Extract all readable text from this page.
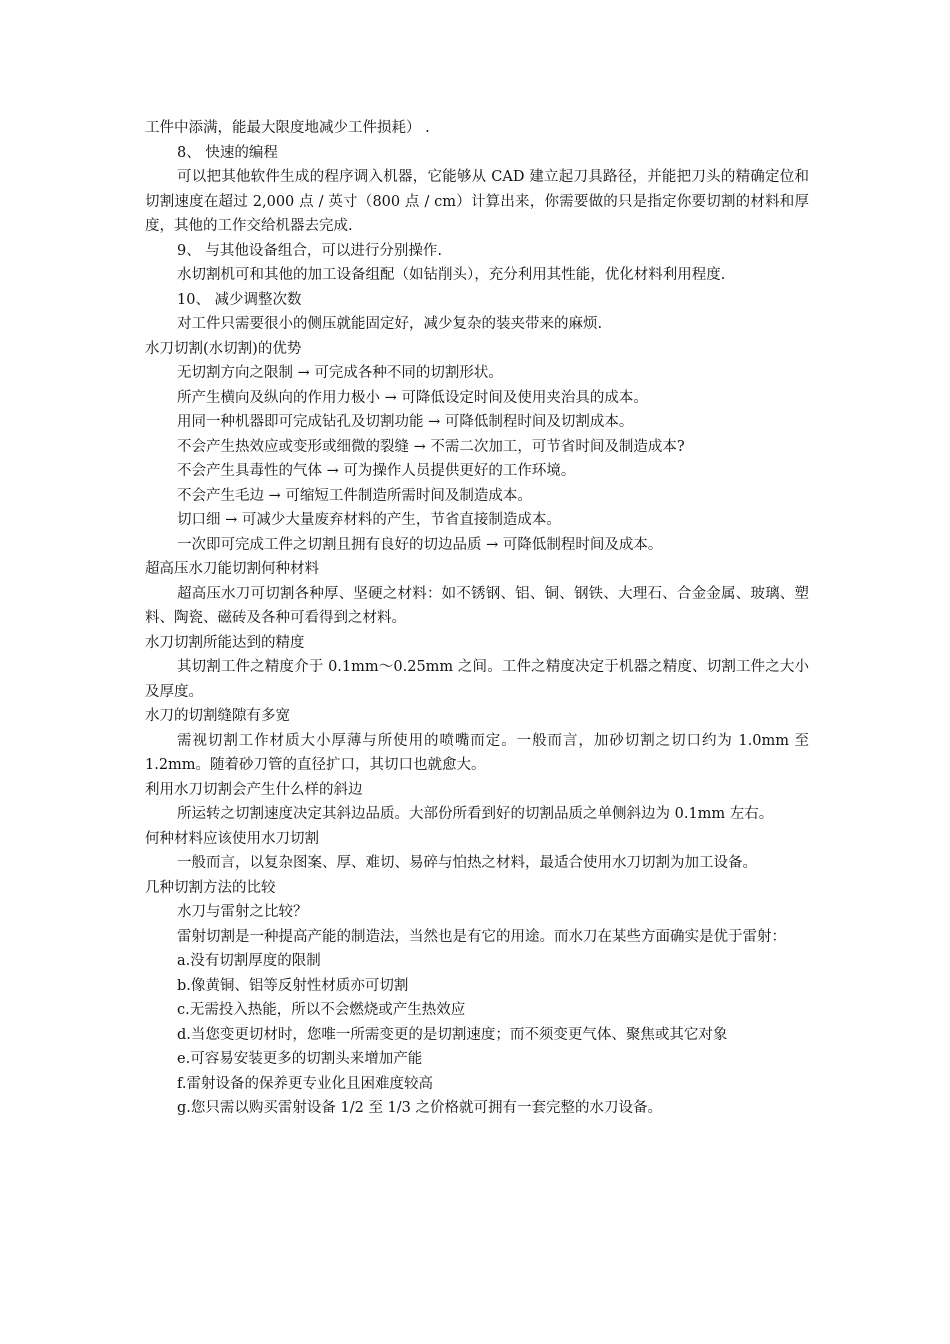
工件中添满，能最大限度地减少工件损耗） .

8、 快速的编程

可以把其他软件生成的程序调入机器，它能够从 CAD 建立起刀具路径，并能把刀头的精确定位和切割速度在超过 2,000 点 / 英寸（800 点 / cm）计算出来，你需要做的只是指定你要切割的材料和厚度，其他的工作交给机器去完成.

9、 与其他设备组合，可以进行分别操作.

水切割机可和其他的加工设备组配（如钻削头），充分利用其性能，优化材料利用程度.

10、 减少调整次数

对工件只需要很小的侧压就能固定好，减少复杂的装夹带来的麻烦.

水刀切割(水切割)的优势

无切割方向之限制 → 可完成各种不同的切割形状。

所产生横向及纵向的作用力极小 → 可降低设定时间及使用夹治具的成本。

用同一种机器即可完成钻孔及切割功能 → 可降低制程时间及切割成本。

不会产生热效应或变形或细微的裂缝 → 不需二次加工，可节省时间及制造成本?

不会产生具毒性的气体 → 可为操作人员提供更好的工作环境。

不会产生毛边 → 可缩短工件制造所需时间及制造成本。

切口细 → 可减少大量废弃材料的产生，节省直接制造成本。

一次即可完成工件之切割且拥有良好的切边品质 → 可降低制程时间及成本。

超高压水刀能切割何种材料

超高压水刀可切割各种厚、坚硬之材料：如不锈钢、铝、铜、钢铁、大理石、合金金属、玻璃、塑料、陶瓷、磁砖及各种可看得到之材料。

水刀切割所能达到的精度

其切割工件之精度介于 0.1mm～0.25mm 之间。工件之精度决定于机器之精度、切割工件之大小及厚度。

水刀的切割缝隙有多宽

需视切割工作材质大小厚薄与所使用的喷嘴而定。一般而言，加砂切割之切口约为 1.0mm 至 1.2mm。随着砂刀管的直径扩口，其切口也就愈大。

利用水刀切割会产生什么样的斜边

所运转之切割速度决定其斜边品质。大部份所看到好的切割品质之单侧斜边为 0.1mm 左右。

何种材料应该使用水刀切割

一般而言，以复杂图案、厚、难切、易碎与怕热之材料，最适合使用水刀切割为加工设备。

几种切割方法的比较

水刀与雷射之比较？

雷射切割是一种提高产能的制造法，当然也是有它的用途。而水刀在某些方面确实是优于雷射：

a.没有切割厚度的限制

b.像黄铜、铝等反射性材质亦可切割

c.无需投入热能，所以不会燃烧或产生热效应

d.当您变更切材时，您唯一所需变更的是切割速度；而不须变更气体、聚焦或其它对象

e.可容易安装更多的切割头来增加产能

f.雷射设备的保养更专业化且困难度较高

g.您只需以购买雷射设备 1/2 至 1/3 之价格就可拥有一套完整的水刀设备。
